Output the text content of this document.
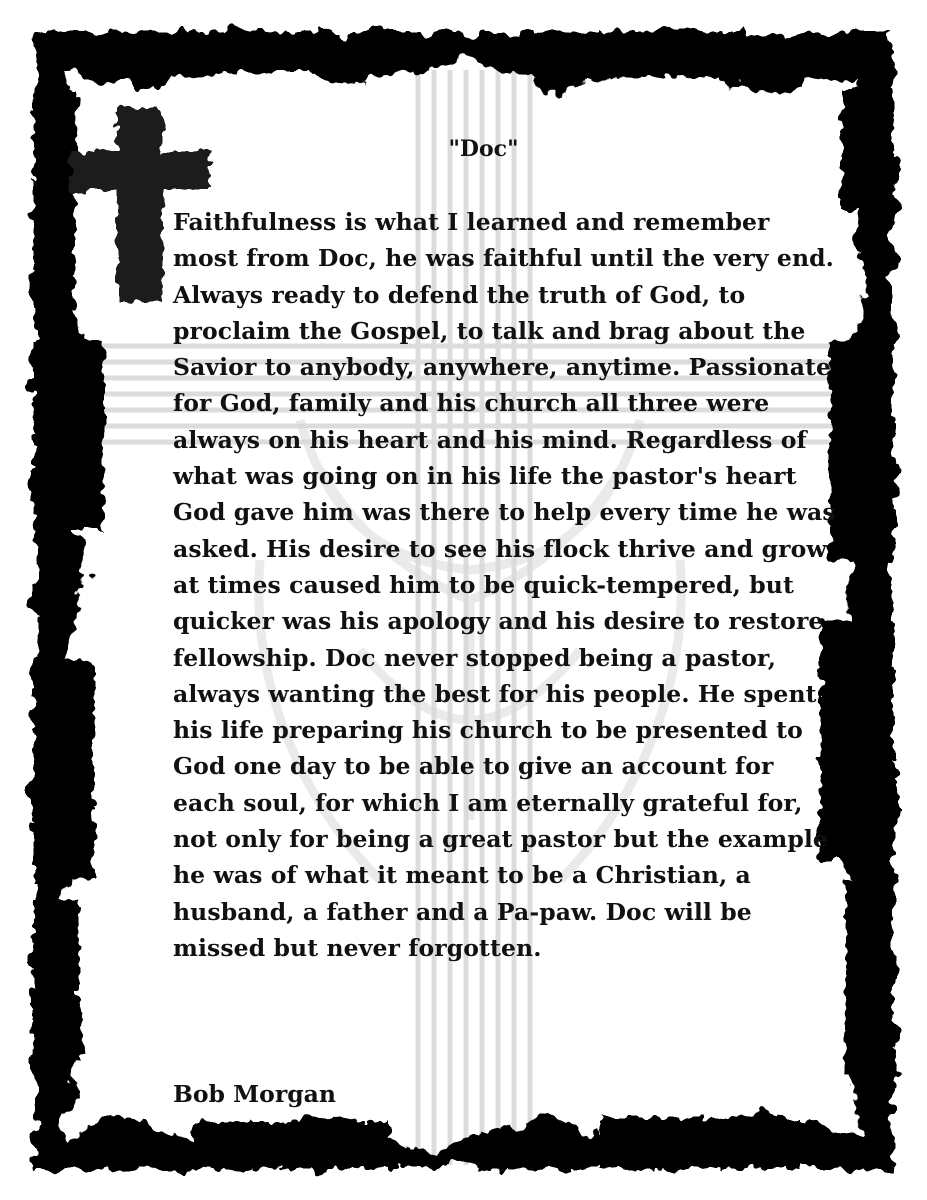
"Doc"

Faithfulness is what I learned and remember most from Doc, he was faithful until the very end. Always ready to defend the truth of God, to proclaim the Gospel, to talk and brag about the Savior to anybody, anywhere, anytime. Passionate for God, family and his church all three were always on his heart and his mind. Regardless of what was going on in his life the pastor's heart God gave him was there to help every time he was asked. His desire to see his flock thrive and grow at times caused him to be quick-tempered, but quicker was his apology and his desire to restore fellowship. Doc never stopped being a pastor, always wanting the best for his people. He spent his life preparing his church to be presented to God one day to be able to give an account for each soul, for which I am eternally grateful for, not only for being a great pastor but the example he was of what it meant to be a Christian, a husband, a father and a Pa-paw. Doc will be missed but never forgotten.

Bob Morgan
